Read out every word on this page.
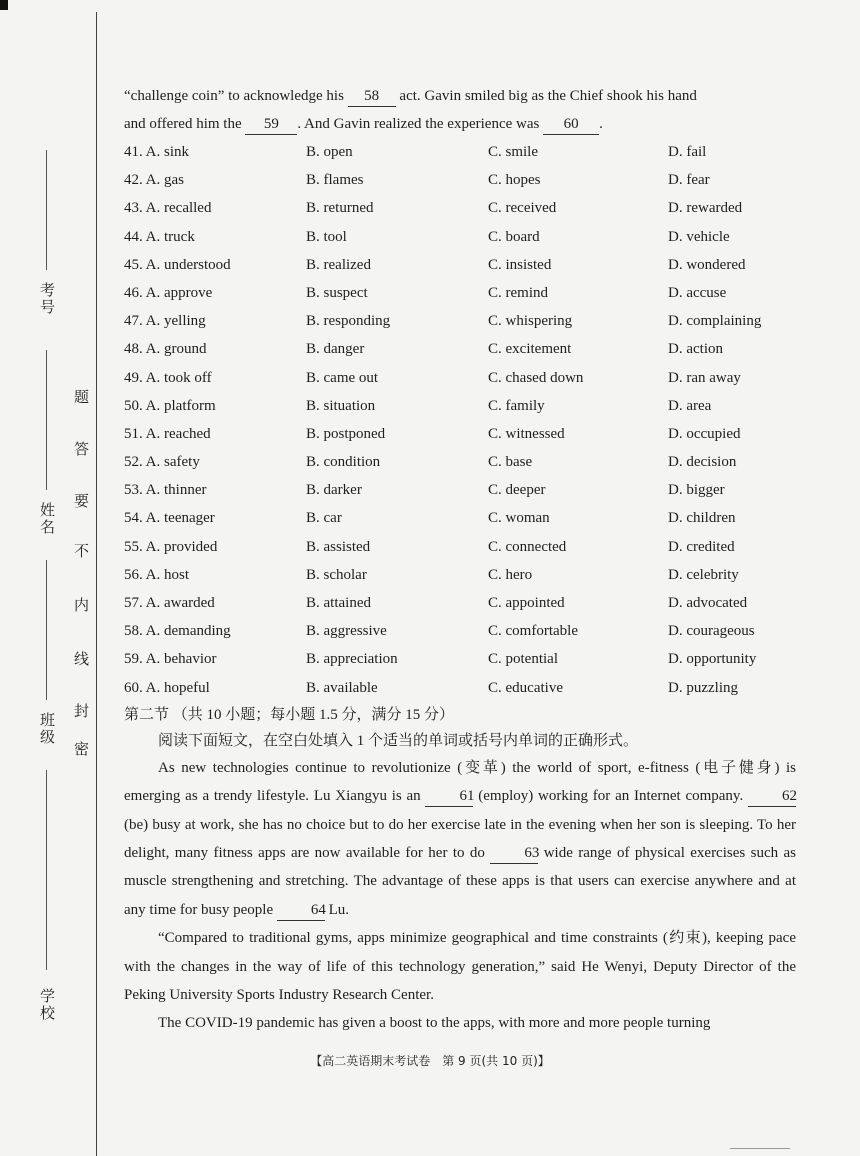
考号
姓名
班级
学校
密
封
线
内
不
要
答
题
“challenge coin” to acknowledge his 58 act. Gavin smiled big as the Chief shook his hand
and offered him the 59 . And Gavin realized the experience was 60 .
41. A. sink	B. open	C. smile	D. fail
42. A. gas	B. flames	C. hopes	D. fear
43. A. recalled	B. returned	C. received	D. rewarded
44. A. truck	B. tool	C. board	D. vehicle
45. A. understood	B. realized	C. insisted	D. wondered
46. A. approve	B. suspect	C. remind	D. accuse
47. A. yelling	B. responding	C. whispering	D. complaining
48. A. ground	B. danger	C. excitement	D. action
49. A. took off	B. came out	C. chased down	D. ran away
50. A. platform	B. situation	C. family	D. area
51. A. reached	B. postponed	C. witnessed	D. occupied
52. A. safety	B. condition	C. base	D. decision
53. A. thinner	B. darker	C. deeper	D. bigger
54. A. teenager	B. car	C. woman	D. children
55. A. provided	B. assisted	C. connected	D. credited
56. A. host	B. scholar	C. hero	D. celebrity
57. A. awarded	B. attained	C. appointed	D. advocated
58. A. demanding	B. aggressive	C. comfortable	D. courageous
59. A. behavior	B. appreciation	C. potential	D. opportunity
60. A. hopeful	B. available	C. educative	D. puzzling
第二节 （共 10 小题；每小题 1.5 分，满分 15 分）
阅读下面短文，在空白处填入 1 个适当的单词或括号内单词的正确形式。
As new technologies continue to revolutionize (变革) the world of sport, e-fitness (电子健身) is emerging as a trendy lifestyle. Lu Xiangyu is an 61 (employ) working for an Internet company. 62 (be) busy at work, she has no choice but to do her exercise late in the evening when her son is sleeping. To her delight, many fitness apps are now available for her to do 63 wide range of physical exercises such as muscle strengthening and stretching. The advantage of these apps is that users can exercise anywhere and at any time for busy people 64 Lu.
“Compared to traditional gyms, apps minimize geographical and time constraints (约束), keeping pace with the changes in the way of life of this technology generation,” said He Wenyi, Deputy Director of the Peking University Sports Industry Research Center.
The COVID-19 pandemic has given a boost to the apps, with more and more people turning
【高二英语期末考试卷　第 9 页(共 10 页)】
